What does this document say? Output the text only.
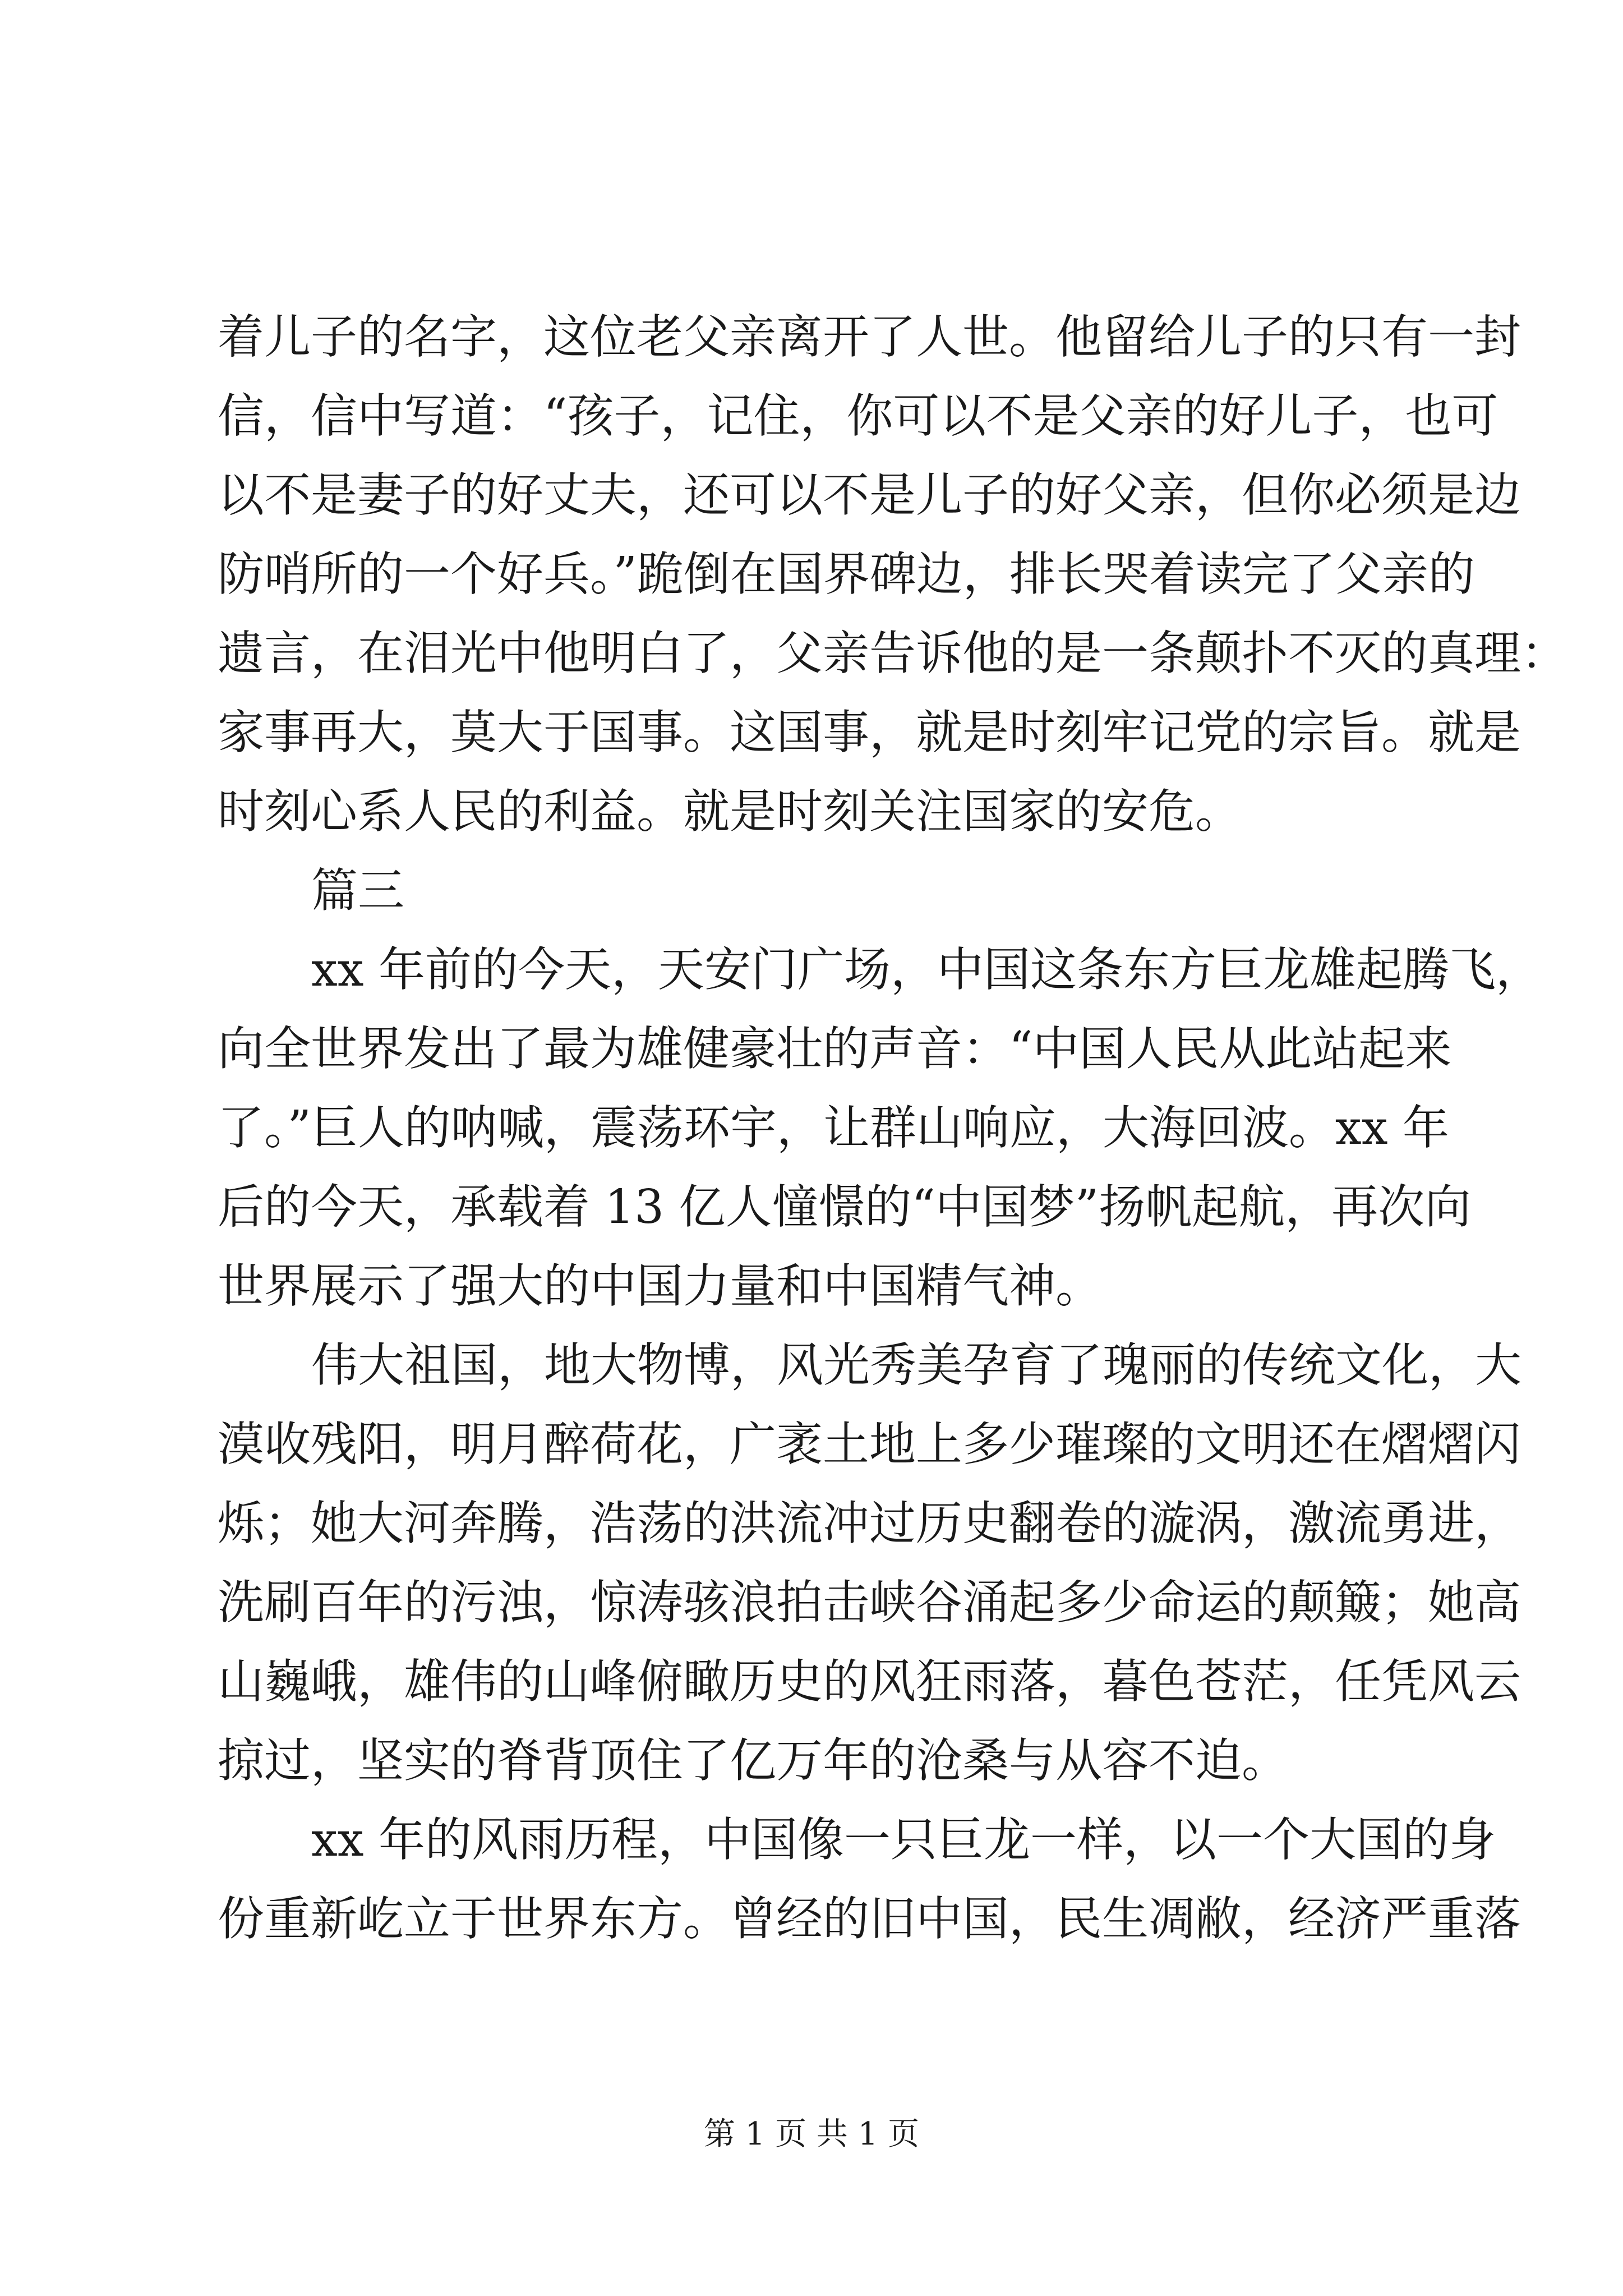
着儿子的名字，这位老父亲离开了人世。他留给儿子的只有一封
信，信中写道：“孩子，记住，你可以不是父亲的好儿子，也可
以不是妻子的好丈夫，还可以不是儿子的好父亲，但你必须是边
防哨所的一个好兵。”跪倒在国界碑边，排长哭着读完了父亲的
遗言，在泪光中他明白了，父亲告诉他的是一条颠扑不灭的真理：
家事再大，莫大于国事。这国事，就是时刻牢记党的宗旨。就是
时刻心系人民的利益。就是时刻关注国家的安危。
篇三
xx 年前的今天，天安门广场，中国这条东方巨龙雄起腾飞，
向全世界发出了最为雄健豪壮的声音：“中国人民从此站起来
了。”巨人的呐喊，震荡环宇，让群山响应，大海回波。xx 年
后的今天，承载着 13 亿人憧憬的“中国梦”扬帆起航，再次向
世界展示了强大的中国力量和中国精气神。
伟大祖国，地大物博，风光秀美孕育了瑰丽的传统文化，大
漠收残阳，明月醉荷花，广袤土地上多少璀璨的文明还在熠熠闪
烁；她大河奔腾，浩荡的洪流冲过历史翻卷的漩涡，激流勇进，
洗刷百年的污浊，惊涛骇浪拍击峡谷涌起多少命运的颠簸；她高
山巍峨，雄伟的山峰俯瞰历史的风狂雨落，暮色苍茫，任凭风云
掠过，坚实的脊背顶住了亿万年的沧桑与从容不迫。
xx 年的风雨历程，中国像一只巨龙一样，以一个大国的身
份重新屹立于世界东方。曾经的旧中国，民生凋敝，经济严重落
第 1 页 共 1 页
